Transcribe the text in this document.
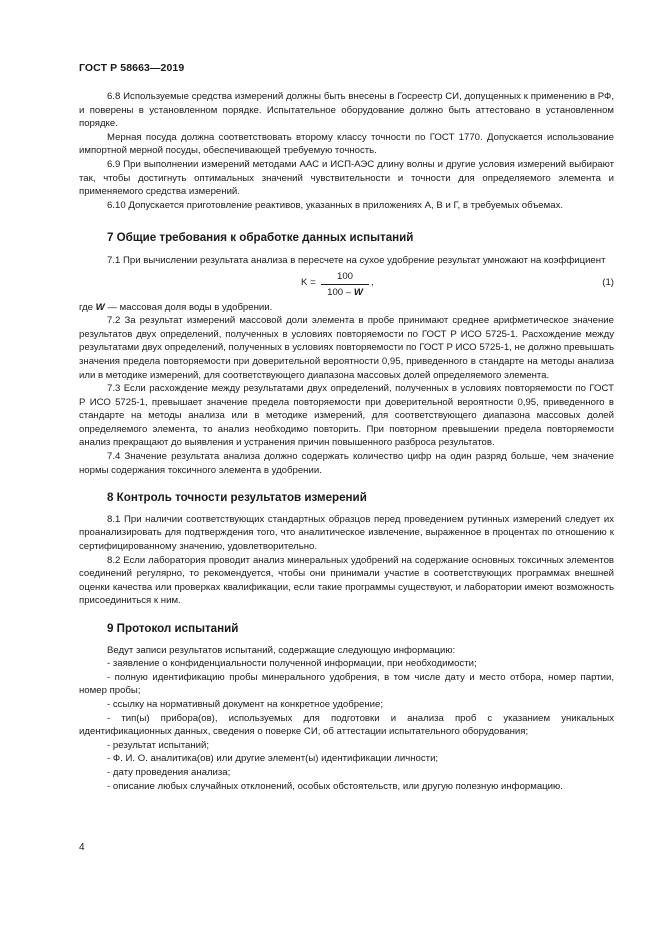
ГОСТ Р 58663—2019

6.8 Используемые средства измерений должны быть внесены в Госреестр СИ, допущенных к применению в РФ, и поверены в установленном порядке. Испытательное оборудование должно быть аттестовано в установленном порядке.

Мерная посуда должна соответствовать второму классу точности по ГОСТ 1770. Допускается использование импортной мерной посуды, обеспечивающей требуемую точность.

6.9 При выполнении измерений методами ААС и ИСП-АЭС длину волны и другие условия измерений выбирают так, чтобы достигнуть оптимальных значений чувствительности и точности для определяемого элемента и применяемого средства измерений.

6.10 Допускается приготовление реактивов, указанных в приложениях А, В и Г, в требуемых объемах.

7 Общие требования к обработке данных испытаний

7.1 При вычислении результата анализа в пересчете на сухое удобрение результат умножают на коэффициент

$K = \frac{100}{100 - W}$ ,	(1)

где W — массовая доля воды в удобрении.

7.2 За результат измерений массовой доли элемента в пробе принимают среднее арифметическое значение результатов двух определений, полученных в условиях повторяемости по ГОСТ Р ИСО 5725-1. Расхождение между результатами двух определений, полученных в условиях повторяемости по ГОСТ Р ИСО 5725-1, не должно превышать значения предела повторяемости при доверительной вероятности 0,95, приведенного в стандарте на методы анализа или в методике измерений, для соответствующего диапазона массовых долей определяемого элемента.

7.3 Если расхождение между результатами двух определений, полученных в условиях повторяемости по ГОСТ Р ИСО 5725-1, превышает значение предела повторяемости при доверительной вероятности 0,95, приведенного в стандарте на методы анализа или в методике измерений, для соответствующего диапазона массовых долей определяемого элемента, то анализ необходимо повторить. При повторном превышении предела повторяемости анализ прекращают до выявления и устранения причин повышенного разброса результатов.

7.4 Значение результата анализа должно содержать количество цифр на один разряд больше, чем значение нормы содержания токсичного элемента в удобрении.

8 Контроль точности результатов измерений

8.1 При наличии соответствующих стандартных образцов перед проведением рутинных измерений следует их проанализировать для подтверждения того, что аналитическое извлечение, выраженное в процентах по отношению к сертифицированному значению, удовлетворительно.

8.2 Если лаборатория проводит анализ минеральных удобрений на содержание основных токсичных элементов соединений регулярно, то рекомендуется, чтобы они принимали участие в соответствующих программах внешней оценки качества или проверках квалификации, если такие программы существуют, и лаборатории имеют возможность присоединиться к ним.

9 Протокол испытаний

Ведут записи результатов испытаний, содержащие следующую информацию:

- заявление о конфиденциальности полученной информации, при необходимости;

- полную идентификацию пробы минерального удобрения, в том числе дату и место отбора, номер партии, номер пробы;

- ссылку на нормативный документ на конкретное удобрение;

- тип(ы) прибора(ов), используемых для подготовки и анализа проб с указанием уникальных идентификационных данных, сведения о поверке СИ, об аттестации испытательного оборудования;

- результат испытаний;

- Ф. И. О. аналитика(ов) или другие элемент(ы) идентификации личности;

- дату проведения анализа;

- описание любых случайных отклонений, особых обстоятельств, или другую полезную информацию.

4
